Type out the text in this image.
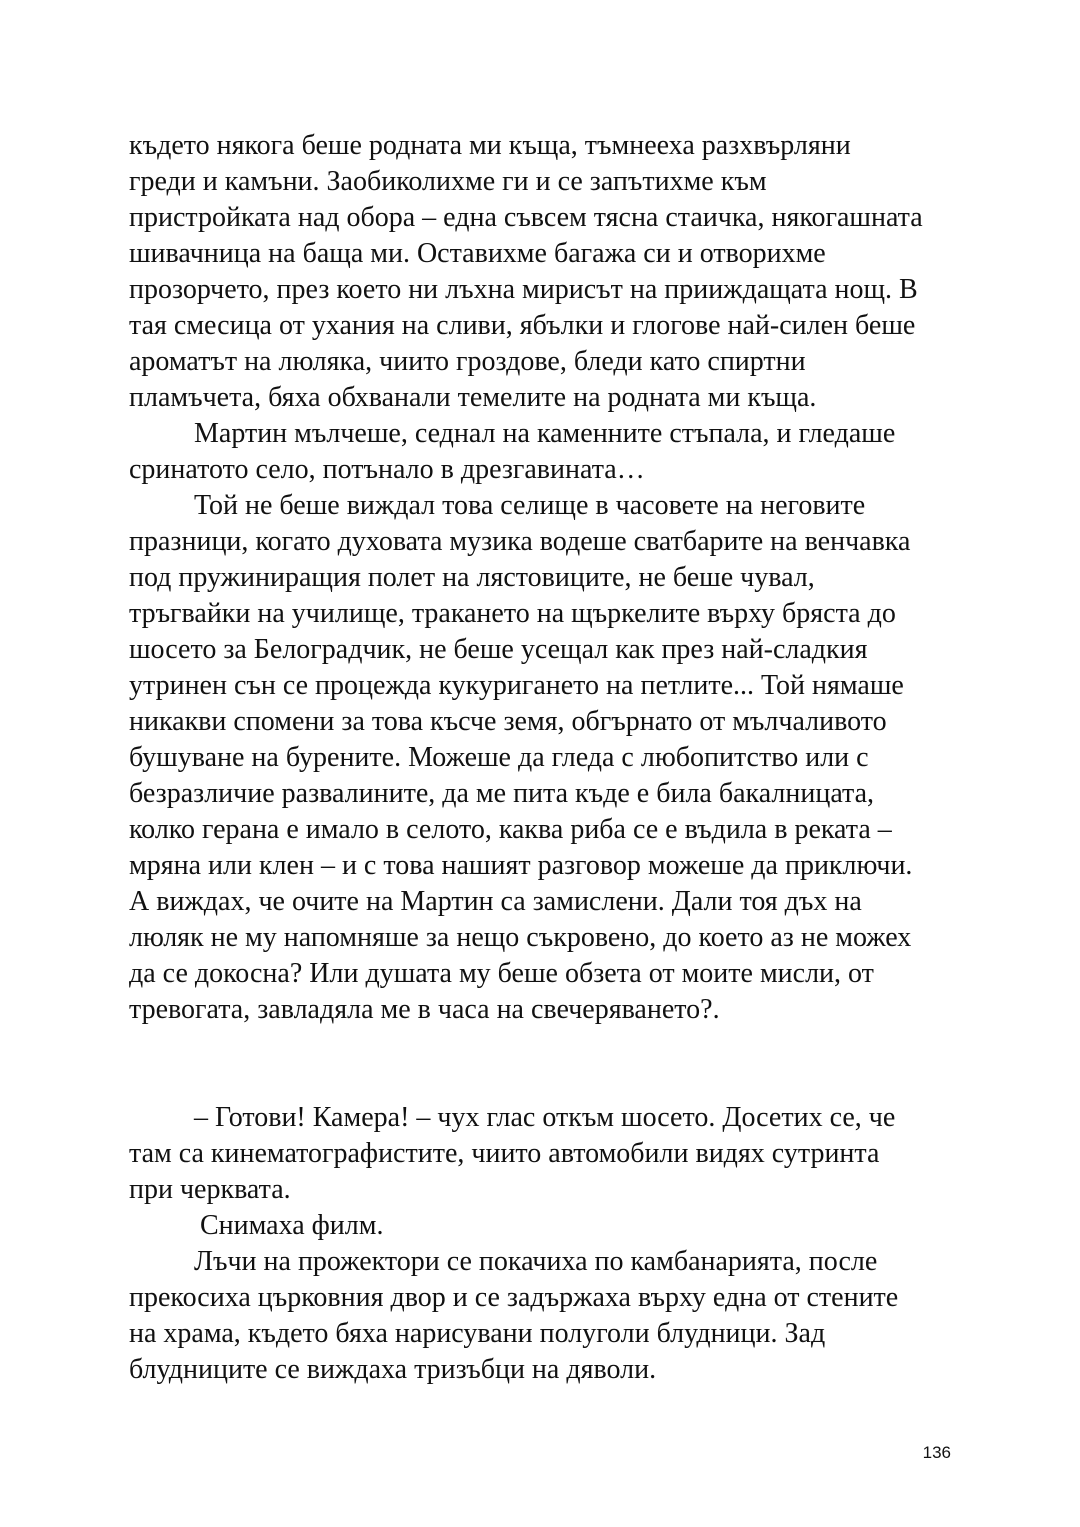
където някога беше родната ми къща, тъмнееха разхвърляни
греди и камъни. Заобиколихме ги и се запътихме към
пристройката над обора – една съвсем тясна стаичка, някогашната
шивачница на баща ми. Оставихме багажа си и отворихме
прозорчето, през което ни лъхна мирисът на прииждащата нощ. В
тая смесица от ухания на сливи, ябълки и глогове най-силен беше
ароматът на люляка, чиито гроздове, бледи като спиртни
пламъчета, бяха обхванали темелите на родната ми къща.

Мартин мълчеше, седнал на каменните стъпала, и гледаше
сринатото село, потънало в дрезгавината…

Той не беше виждал това селище в часовете на неговите
празници, когато духовата музика водеше сватбарите на венчавка
под пружиниращия полет на лястовиците, не беше чувал,
тръгвайки на училище, тракането на щъркелите върху бряста до
шосето за Белоградчик, не беше усещал как през най-сладкия
утринен сън се процежда кукуригането на петлите... Той нямаше
никакви спомени за това късче земя, обгърнато от мълчаливото
бушуване на бурените. Можеше да гледа с любопитство или с
безразличие развалините, да ме пита къде е била бакалницата,
колко герана е имало в селото, каква риба се е въдила в реката –
мряна или клен – и с това нашият разговор можеше да приключи.
А виждах, че очите на Мартин са замислени. Дали тоя дъх на
люляк не му напомняше за нещо съкровено, до което аз не можех
да се докосна? Или душата му беше обзета от моите мисли, от
тревогата, завладяла ме в часа на свечеряването?.

– Готови! Камера! – чух глас откъм шосето. Досетих се, че
там са кинематографистите, чиито автомобили видях сутринта
при черквата.

Снимаха филм.

Лъчи на прожектори се покачиха по камбанарията, после
прекосиха църковния двор и се задържаха върху една от стените
на храма, където бяха нарисувани полуголи блудници. Зад
блудниците се виждаха тризъбци на дяволи.

136
